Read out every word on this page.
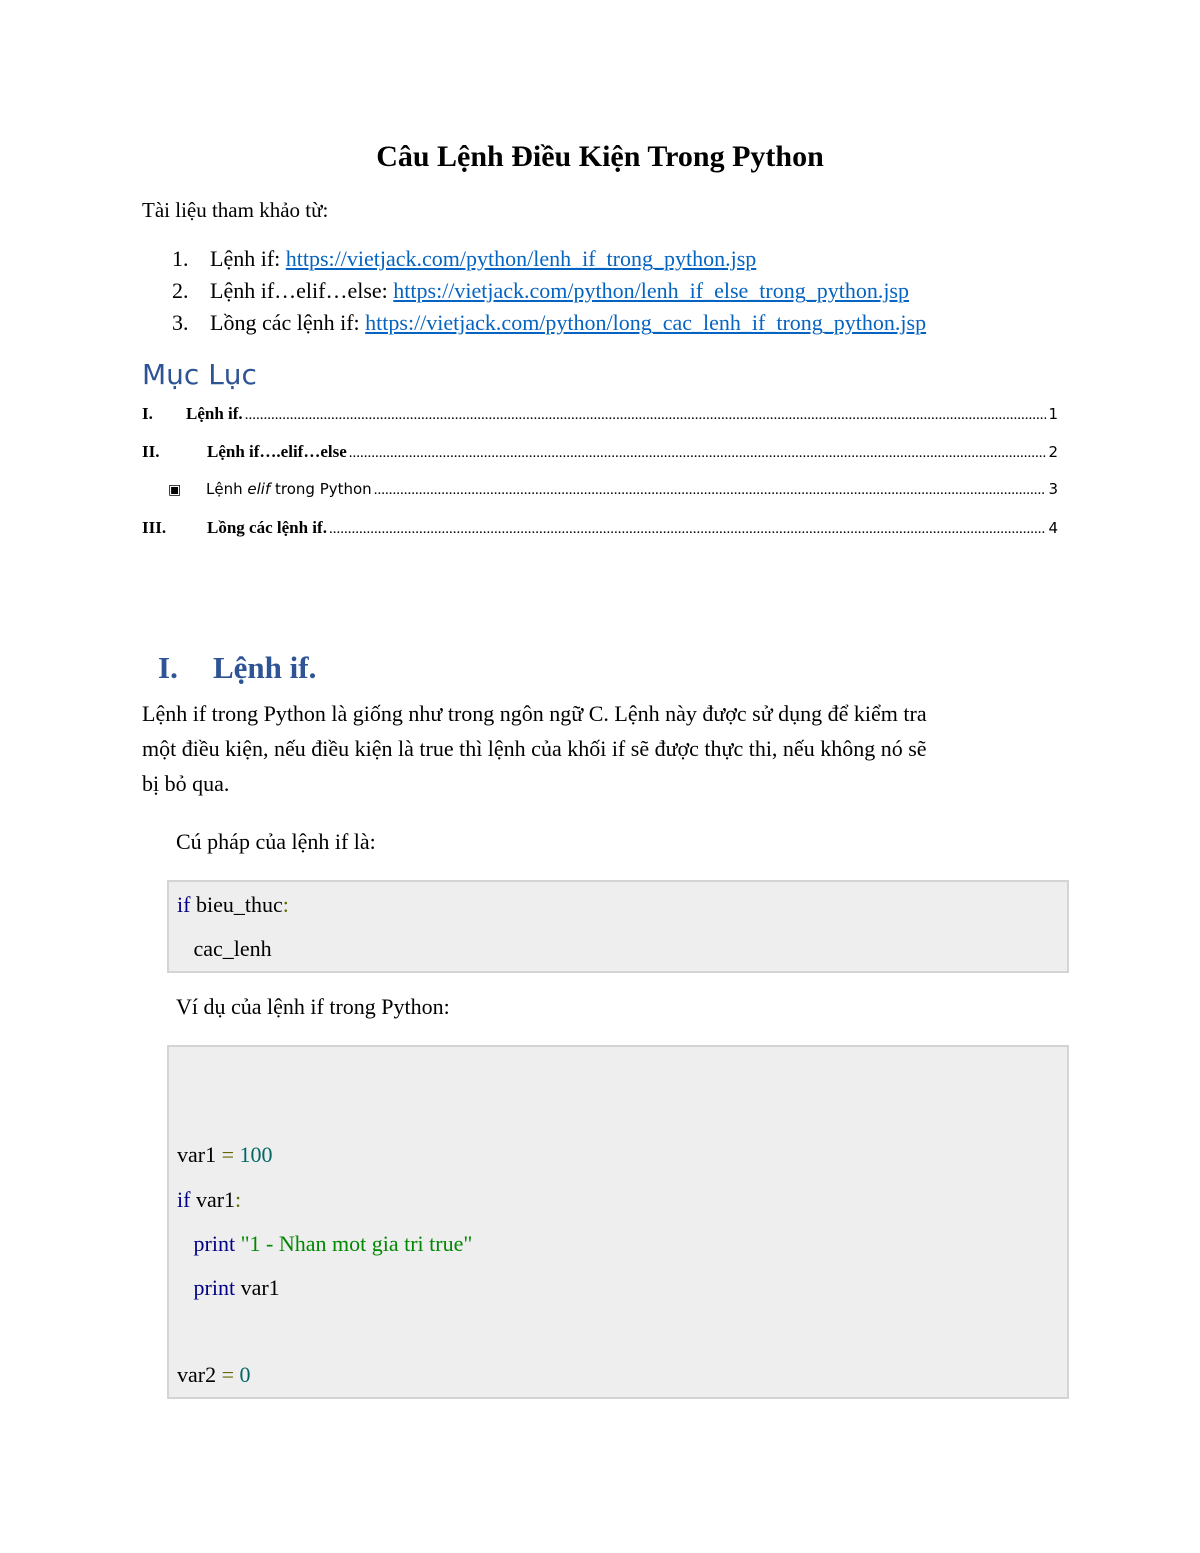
Câu Lệnh Điều Kiện Trong Python
Tài liệu tham khảo từ:
1. Lệnh if: https://vietjack.com/python/lenh_if_trong_python.jsp
2. Lệnh if…elif…else: https://vietjack.com/python/lenh_if_else_trong_python.jsp
3. Lồng các lệnh if: https://vietjack.com/python/long_cac_lenh_if_trong_python.jsp
Mục Lục
I.	Lệnh if. .....	1
II.	Lệnh if….elif…else .....	2
▣	Lệnh elif trong Python .....	3
III.	Lồng các lệnh if. .....	4
I. Lệnh if.
Lệnh if trong Python là giống như trong ngôn ngữ C. Lệnh này được sử dụng để kiểm tra
một điều kiện, nếu điều kiện là true thì lệnh của khối if sẽ được thực thi, nếu không nó sẽ
bị bỏ qua.
Cú pháp của lệnh if là:
if bieu_thuc:
cac_lenh
Ví dụ của lệnh if trong Python:
var1 = 100
if var1:
print "1 - Nhan mot gia tri true"
print var1
var2 = 0
